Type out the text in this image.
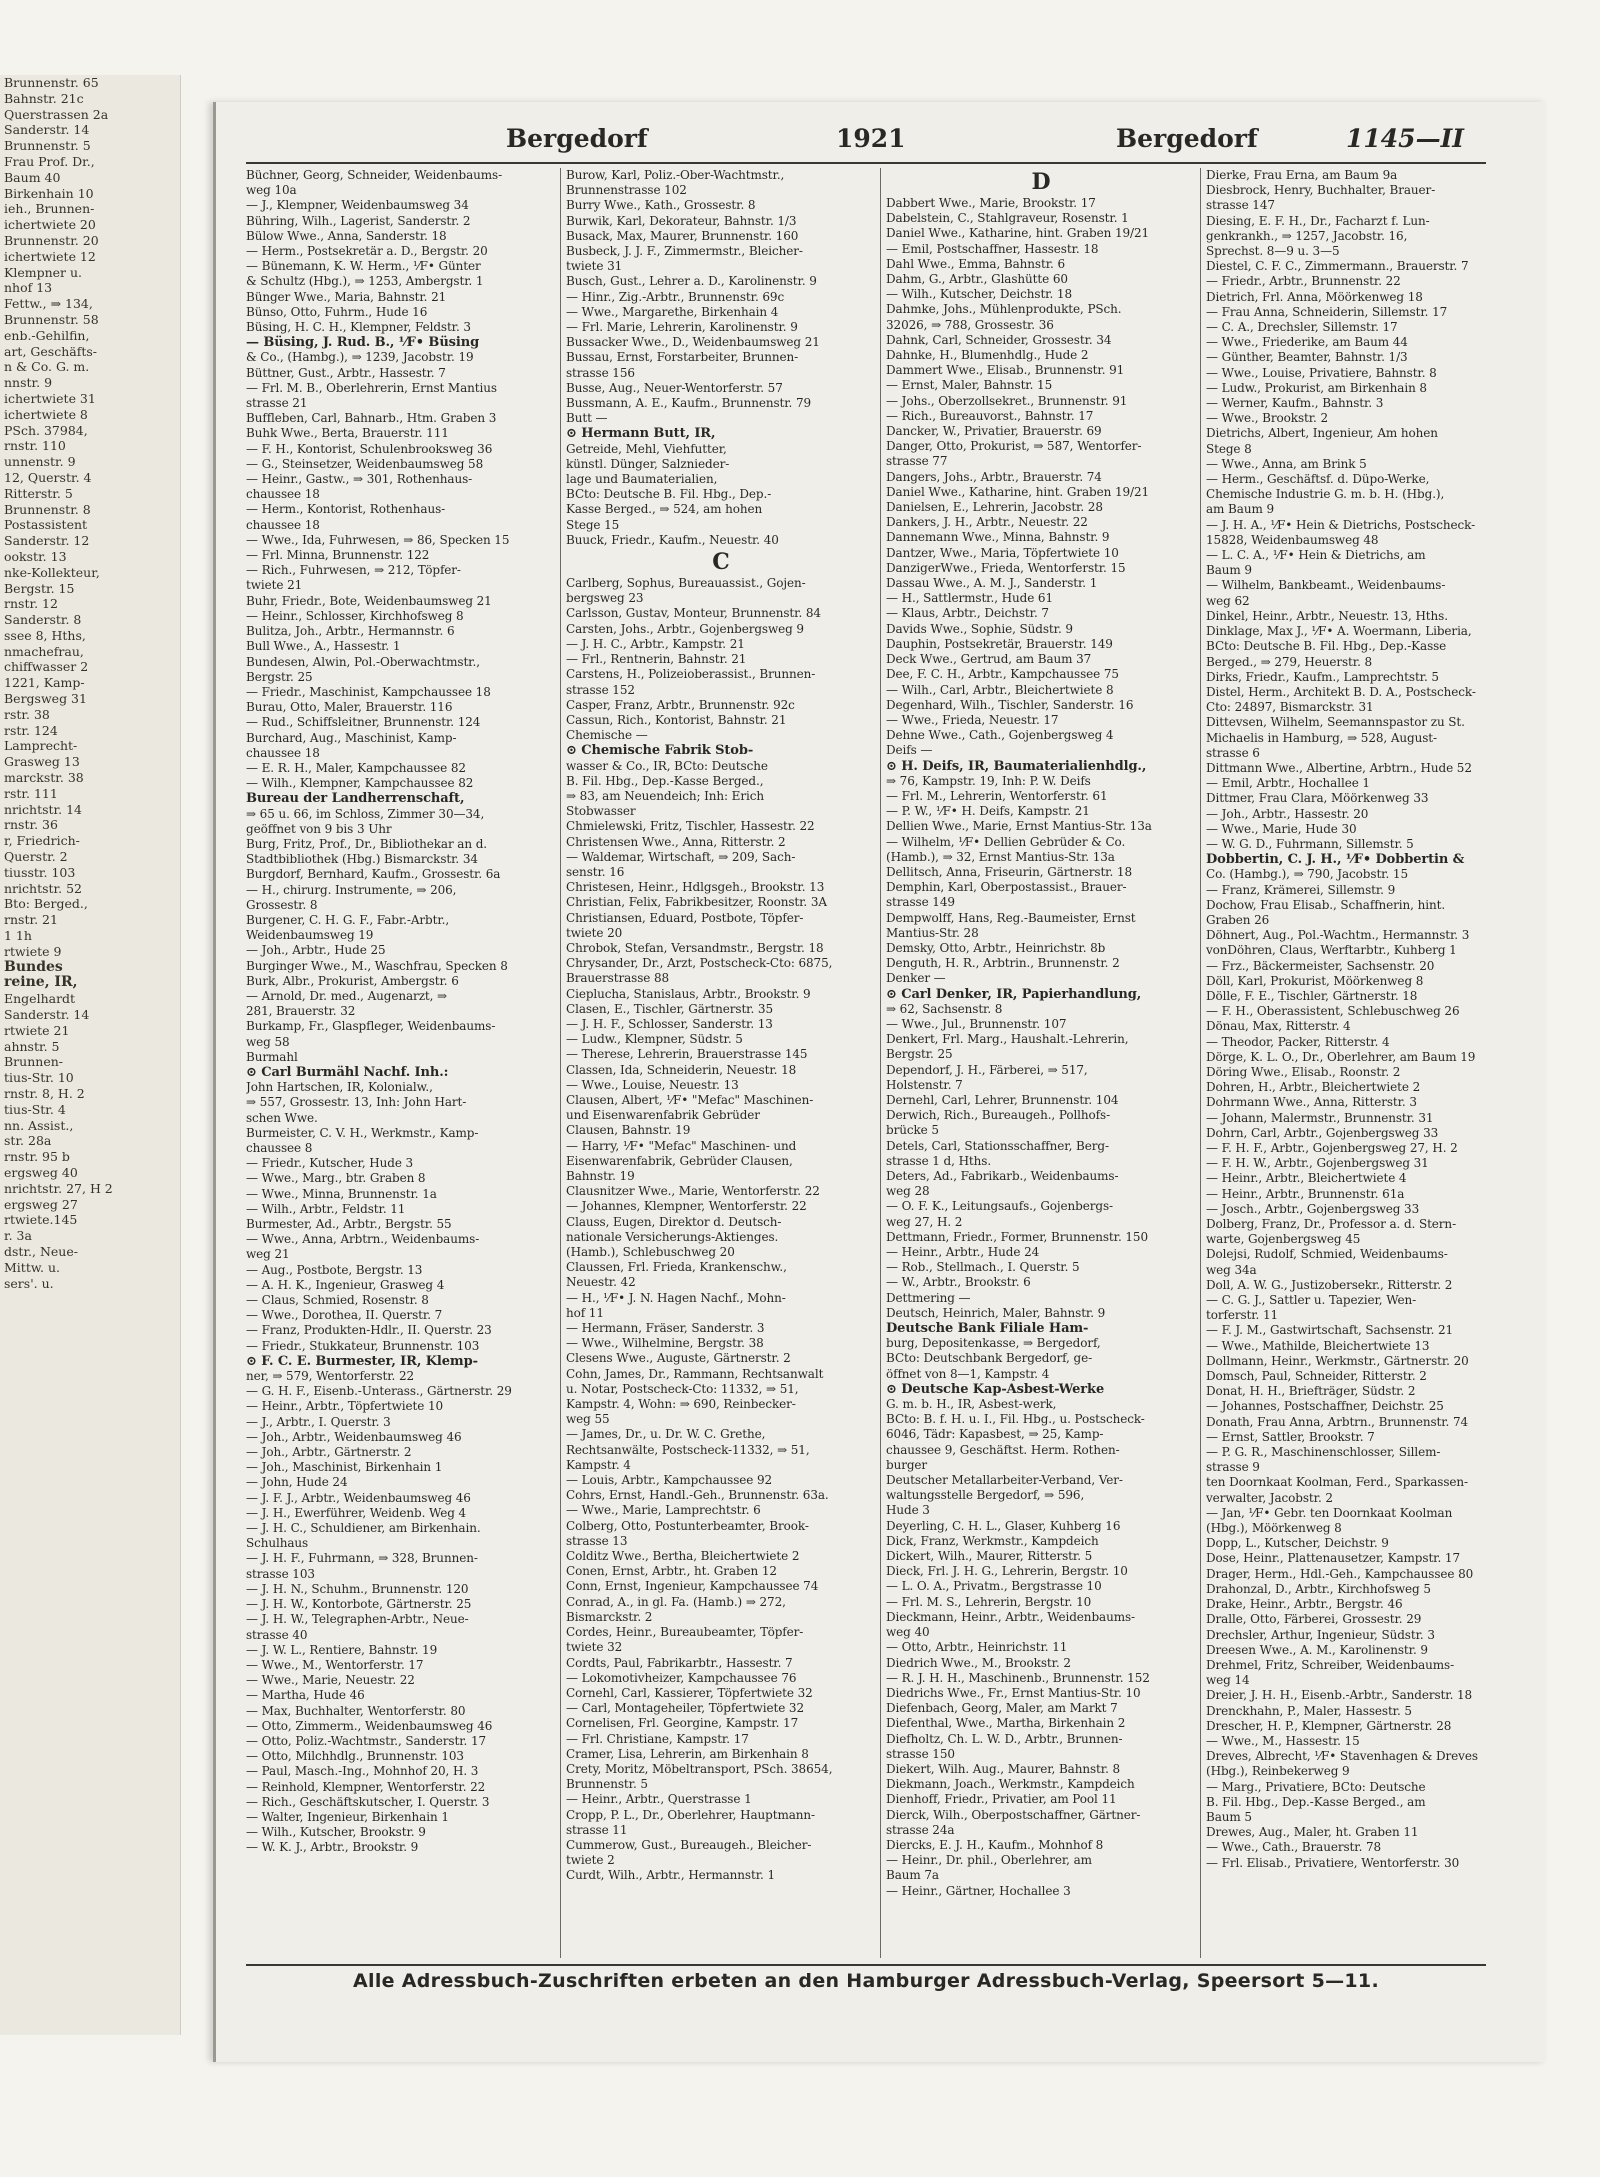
Brunnenstr. 65
Bahnstr. 21c
Querstrassen 2a
Sanderstr. 14
Brunnenstr. 5
Frau Prof. Dr.,
Baum 40
Birkenhain 10
ieh., Brunnen-
ichertwiete 20
Brunnenstr. 20
ichertwiete 12
Klempner u.
nhof 13
Fettw., ⇒ 134,
Brunnenstr. 58
enb.-Gehilfin,
art, Geschäfts-
n & Co. G. m.
nnstr. 9
ichertwiete 31
ichertwiete 8
PSch. 37984,
rnstr. 110
unnenstr. 9
12, Querstr. 4
Ritterstr. 5
Brunnenstr. 8
Postassistent
Sanderstr. 12
ookstr. 13
nke-Kollekteur,
Bergstr. 15
rnstr. 12
Sanderstr. 8
ssee 8, Hths,
nmachefrau,
chiffwasser 2
1221, Kamp-
Bergsweg 31
rstr. 38
rstr. 124
Lamprecht-
Grasweg 13
marckstr. 38
rstr. 111
nrichtstr. 14
rnstr. 36
r, Friedrich-
Querstr. 2
tiusstr. 103
nrichtstr. 52
Bto: Berged.,
rnstr. 21
1 1h
rtwiete 9
Bundes
reine, IR,
Engelhardt
Sanderstr. 14
rtwiete 21
ahnstr. 5
Brunnen-
tius-Str. 10
rnstr. 8, H. 2
tius-Str. 4
nn. Assist.,
str. 28a
rnstr. 95 b
ergsweg 40
nrichtstr. 27, H 2
ergsweg 27
rtwiete.145
r. 3a
dstr., Neue-
Mittw. u.
sers'. u.
Bergedorf	1921	Bergedorf	1145—II
Büchner, Georg, Schneider, Weidenbaums-
weg 10a
— J., Klempner, Weidenbaumsweg 34
Bühring, Wilh., Lagerist, Sanderstr. 2
Bülow Wwe., Anna, Sanderstr. 18
— Herm., Postsekretär a. D., Bergstr. 20
— Bünemann, K. W. Herm., ⅟F• Günter
& Schultz (Hbg.), ⇒ 1253, Ambergstr. 1
Bünger Wwe., Maria, Bahnstr. 21
Bünso, Otto, Fuhrm., Hude 16
Büsing, H. C. H., Klempner, Feldstr. 3
— Büsing, J. Rud. B., ⅟F• Büsing
& Co., (Hambg.), ⇒ 1239, Jacobstr. 19
Büttner, Gust., Arbtr., Hassestr. 7
— Frl. M. B., Oberlehrerin, Ernst Mantius
strasse 21
Buffleben, Carl, Bahnarb., Htm. Graben 3
Buhk Wwe., Berta, Brauerstr. 111
— F. H., Kontorist, Schulenbrooksweg 36
— G., Steinsetzer, Weidenbaumsweg 58
— Heinr., Gastw., ⇒ 301, Rothenhaus-
chaussee 18
— Herm., Kontorist, Rothenhaus-
chaussee 18
— Wwe., Ida, Fuhrwesen, ⇒ 86, Specken 15
— Frl. Minna, Brunnenstr. 122
— Rich., Fuhrwesen, ⇒ 212, Töpfer-
twiete 21
Buhr, Friedr., Bote, Weidenbaumsweg 21
— Heinr., Schlosser, Kirchhofsweg 8
Bulitza, Joh., Arbtr., Hermannstr. 6
Bull Wwe., A., Hassestr. 1
Bundesen, Alwin, Pol.-Oberwachtmstr.,
Bergstr. 25
— Friedr., Maschinist, Kampchaussee 18
Burau, Otto, Maler, Brauerstr. 116
— Rud., Schiffsleitner, Brunnenstr. 124
Burchard, Aug., Maschinist, Kamp-
chaussee 18
— E. R. H., Maler, Kampchaussee 82
— Wilh., Klempner, Kampchaussee 82
Bureau der Landherrenschaft,
⇒ 65 u. 66, im Schloss, Zimmer 30—34,
geöffnet von 9 bis 3 Uhr
Burg, Fritz, Prof., Dr., Bibliothekar an d.
Stadtbibliothek (Hbg.) Bismarckstr. 34
Burgdorf, Bernhard, Kaufm., Grossestr. 6a
— H., chirurg. Instrumente, ⇒ 206,
Grossestr. 8
Burgener, C. H. G. F., Fabr.-Arbtr.,
Weidenbaumsweg 19
— Joh., Arbtr., Hude 25
Burginger Wwe., M., Waschfrau, Specken 8
Burk, Albr., Prokurist, Ambergstr. 6
— Arnold, Dr. med., Augenarzt, ⇒
281, Brauerstr. 32
Burkamp, Fr., Glaspfleger, Weidenbaums-
weg 58
Burmahl
⊙ Carl Burmähl Nachf. Inh.:
John Hartschen, IR, Kolonialw.,
⇒ 557, Grossestr. 13, Inh: John Hart-
schen Wwe.
Burmeister, C. V. H., Werkmstr., Kamp-
chaussee 8
— Friedr., Kutscher, Hude 3
— Wwe., Marg., btr. Graben 8
— Wwe., Minna, Brunnenstr. 1a
— Wilh., Arbtr., Feldstr. 11
Burmester, Ad., Arbtr., Bergstr. 55
— Wwe., Anna, Arbtrn., Weidenbaums-
weg 21
— Aug., Postbote, Bergstr. 13
— A. H. K., Ingenieur, Grasweg 4
— Claus, Schmied, Rosenstr. 8
— Wwe., Dorothea, II. Querstr. 7
— Franz, Produkten-Hdlr., II. Querstr. 23
— Friedr., Stukkateur, Brunnenstr. 103
⊙ F. C. E. Burmester, IR, Klemp-
ner, ⇒ 579, Wentorferstr. 22
— G. H. F., Eisenb.-Unterass., Gärtnerstr. 29
— Heinr., Arbtr., Töpfertwiete 10
— J., Arbtr., I. Querstr. 3
— Joh., Arbtr., Weidenbaumsweg 46
— Joh., Arbtr., Gärtnerstr. 2
— Joh., Maschinist, Birkenhain 1
— John, Hude 24
— J. F. J., Arbtr., Weidenbaumsweg 46
— J. H., Ewerführer, Weidenb. Weg 4
— J. H. C., Schuldiener, am Birkenhain.
Schulhaus
— J. H. F., Fuhrmann, ⇒ 328, Brunnen-
strasse 103
— J. H. N., Schuhm., Brunnenstr. 120
— J. H. W., Kontorbote, Gärtnerstr. 25
— J. H. W., Telegraphen-Arbtr., Neue-
strasse 40
— J. W. L., Rentiere, Bahnstr. 19
— Wwe., M., Wentorferstr. 17
— Wwe., Marie, Neuestr. 22
— Martha, Hude 46
— Max, Buchhalter, Wentorferstr. 80
— Otto, Zimmerm., Weidenbaumsweg 46
— Otto, Poliz.-Wachtmstr., Sanderstr. 17
— Otto, Milchhdlg., Brunnenstr. 103
— Paul, Masch.-Ing., Mohnhof 20, H. 3
— Reinhold, Klempner, Wentorferstr. 22
— Rich., Geschäftskutscher, I. Querstr. 3
— Walter, Ingenieur, Birkenhain 1
— Wilh., Kutscher, Brookstr. 9
— W. K. J., Arbtr., Brookstr. 9
Burow, Karl, Poliz.-Ober-Wachtmstr.,
Brunnenstrasse 102
Burry Wwe., Kath., Grossestr. 8
Burwik, Karl, Dekorateur, Bahnstr. 1/3
Busack, Max, Maurer, Brunnenstr. 160
Busbeck, J. J. F., Zimmermstr., Bleicher-
twiete 31
Busch, Gust., Lehrer a. D., Karolinenstr. 9
— Hinr., Zig.-Arbtr., Brunnenstr. 69c
— Wwe., Margarethe, Birkenhain 4
— Frl. Marie, Lehrerin, Karolinenstr. 9
Bussacker Wwe., D., Weidenbaumsweg 21
Bussau, Ernst, Forstarbeiter, Brunnen-
strasse 156
Busse, Aug., Neuer-Wentorferstr. 57
Bussmann, A. E., Kaufm., Brunnenstr. 79
Butt —
⊙ Hermann Butt, IR,
Getreide, Mehl, Viehfutter,
künstl. Dünger, Salznieder-
lage und Baumaterialien,
BCto: Deutsche B. Fil. Hbg., Dep.-
Kasse Berged., ⇒ 524, am hohen
Stege 15
Buuck, Friedr., Kaufm., Neuestr. 40
C
Carlberg, Sophus, Bureauassist., Gojen-
bergsweg 23
Carlsson, Gustav, Monteur, Brunnenstr. 84
Carsten, Johs., Arbtr., Gojenbergsweg 9
— J. H. C., Arbtr., Kampstr. 21
— Frl., Rentnerin, Bahnstr. 21
Carstens, H., Polizeioberassist., Brunnen-
strasse 152
Casper, Franz, Arbtr., Brunnenstr. 92c
Cassun, Rich., Kontorist, Bahnstr. 21
Chemische —
⊙ Chemische Fabrik Stob-
wasser & Co., IR, BCto: Deutsche
B. Fil. Hbg., Dep.-Kasse Berged.,
⇒ 83, am Neuendeich; Inh: Erich
Stobwasser
Chmielewski, Fritz, Tischler, Hassestr. 22
Christensen Wwe., Anna, Ritterstr. 2
— Waldemar, Wirtschaft, ⇒ 209, Sach-
senstr. 16
Christesen, Heinr., Hdlgsgeh., Brookstr. 13
Christian, Felix, Fabrikbesitzer, Roonstr. 3A
Christiansen, Eduard, Postbote, Töpfer-
twiete 20
Chrobok, Stefan, Versandmstr., Bergstr. 18
Chrysander, Dr., Arzt, Postscheck-Cto: 6875,
Brauerstrasse 88
Cieplucha, Stanislaus, Arbtr., Brookstr. 9
Clasen, E., Tischler, Gärtnerstr. 35
— J. H. F., Schlosser, Sanderstr. 13
— Ludw., Klempner, Südstr. 5
— Therese, Lehrerin, Brauerstrasse 145
Classen, Ida, Schneiderin, Neuestr. 18
— Wwe., Louise, Neuestr. 13
Clausen, Albert, ⅟F• "Mefac" Maschinen-
und Eisenwarenfabrik Gebrüder
Clausen, Bahnstr. 19
— Harry, ⅟F• "Mefac" Maschinen- und
Eisenwarenfabrik, Gebrüder Clausen,
Bahnstr. 19
Clausnitzer Wwe., Marie, Wentorferstr. 22
— Johannes, Klempner, Wentorferstr. 22
Clauss, Eugen, Direktor d. Deutsch-
nationale Versicherungs-Aktienges.
(Hamb.), Schlebuschweg 20
Claussen, Frl. Frieda, Krankenschw.,
Neuestr. 42
— H., ⅟F• J. N. Hagen Nachf., Mohn-
hof 11
— Hermann, Fräser, Sanderstr. 3
— Wwe., Wilhelmine, Bergstr. 38
Clesens Wwe., Auguste, Gärtnerstr. 2
Cohn, James, Dr., Rammann, Rechtsanwalt
u. Notar, Postscheck-Cto: 11332, ⇒ 51,
Kampstr. 4, Wohn: ⇒ 690, Reinbecker-
weg 55
— James, Dr., u. Dr. W. C. Grethe,
Rechtsanwälte, Postscheck-11332, ⇒ 51,
Kampstr. 4
— Louis, Arbtr., Kampchaussee 92
Cohrs, Ernst, Handl.-Geh., Brunnenstr. 63a.
— Wwe., Marie, Lamprechtstr. 6
Colberg, Otto, Postunterbeamter, Brook-
strasse 13
Colditz Wwe., Bertha, Bleichertwiete 2
Conen, Ernst, Arbtr., ht. Graben 12
Conn, Ernst, Ingenieur, Kampchaussee 74
Conrad, A., in gl. Fa. (Hamb.) ⇒ 272,
Bismarckstr. 2
Cordes, Heinr., Bureaubeamter, Töpfer-
twiete 32
Cordts, Paul, Fabrikarbtr., Hassestr. 7
— Lokomotivheizer, Kampchaussee 76
Cornehl, Carl, Kassierer, Töpfertwiete 32
— Carl, Montageheiler, Töpfertwiete 32
Cornelisen, Frl. Georgine, Kampstr. 17
— Frl. Christiane, Kampstr. 17
Cramer, Lisa, Lehrerin, am Birkenhain 8
Crety, Moritz, Möbeltransport, PSch. 38654,
Brunnenstr. 5
— Heinr., Arbtr., Querstrasse 1
Cropp, P. L., Dr., Oberlehrer, Hauptmann-
strasse 11
Cummerow, Gust., Bureaugeh., Bleicher-
twiete 2
Curdt, Wilh., Arbtr., Hermannstr. 1
D
Dabbert Wwe., Marie, Brookstr. 17
Dabelstein, C., Stahlgraveur, Rosenstr. 1
Daniel Wwe., Katharine, hint. Graben 19/21
— Emil, Postschaffner, Hassestr. 18
Dahl Wwe., Emma, Bahnstr. 6
Dahm, G., Arbtr., Glashütte 60
— Wilh., Kutscher, Deichstr. 18
Dahmke, Johs., Mühlenprodukte, PSch.
32026, ⇒ 788, Grossestr. 36
Dahnk, Carl, Schneider, Grossestr. 34
Dahnke, H., Blumenhdlg., Hude 2
Dammert Wwe., Elisab., Brunnenstr. 91
— Ernst, Maler, Bahnstr. 15
— Johs., Oberzollsekret., Brunnenstr. 91
— Rich., Bureauvorst., Bahnstr. 17
Dancker, W., Privatier, Brauerstr. 69
Danger, Otto, Prokurist, ⇒ 587, Wentorfer-
strasse 77
Dangers, Johs., Arbtr., Brauerstr. 74
Daniel Wwe., Katharine, hint. Graben 19/21
Danielsen, E., Lehrerin, Jacobstr. 28
Dankers, J. H., Arbtr., Neuestr. 22
Dannemann Wwe., Minna, Bahnstr. 9
Dantzer, Wwe., Maria, Töpfertwiete 10
DanzigerWwe., Frieda, Wentorferstr. 15
Dassau Wwe., A. M. J., Sanderstr. 1
— H., Sattlermstr., Hude 61
— Klaus, Arbtr., Deichstr. 7
Davids Wwe., Sophie, Südstr. 9
Dauphin, Postsekretär, Brauerstr. 149
Deck Wwe., Gertrud, am Baum 37
Dee, F. C. H., Arbtr., Kampchaussee 75
— Wilh., Carl, Arbtr., Bleichertwiete 8
Degenhard, Wilh., Tischler, Sanderstr. 16
— Wwe., Frieda, Neuestr. 17
Dehne Wwe., Cath., Gojenbergsweg 4
Deifs —
⊙ H. Deifs, IR, Baumaterialienhdlg.,
⇒ 76, Kampstr. 19, Inh: P. W. Deifs
— Frl. M., Lehrerin, Wentorferstr. 61
— P. W., ⅟F• H. Deifs, Kampstr. 21
Dellien Wwe., Marie, Ernst Mantius-Str. 13a
— Wilhelm, ⅟F• Dellien Gebrüder & Co.
(Hamb.), ⇒ 32, Ernst Mantius-Str. 13a
Dellitsch, Anna, Friseurin, Gärtnerstr. 18
Demphin, Karl, Oberpostassist., Brauer-
strasse 149
Dempwolff, Hans, Reg.-Baumeister, Ernst
Mantius-Str. 28
Demsky, Otto, Arbtr., Heinrichstr. 8b
Denguth, H. R., Arbtrin., Brunnenstr. 2
Denker —
⊙ Carl Denker, IR, Papierhandlung,
⇒ 62, Sachsenstr. 8
— Wwe., Jul., Brunnenstr. 107
Denkert, Frl. Marg., Haushalt.-Lehrerin,
Bergstr. 25
Dependorf, J. H., Färberei, ⇒ 517,
Holstenstr. 7
Dernehl, Carl, Lehrer, Brunnenstr. 104
Derwich, Rich., Bureaugeh., Pollhofs-
brücke 5
Detels, Carl, Stationsschaffner, Berg-
strasse 1 d, Hths.
Deters, Ad., Fabrikarb., Weidenbaums-
weg 28
— O. F. K., Leitungsaufs., Gojenbergs-
weg 27, H. 2
Dettmann, Friedr., Former, Brunnenstr. 150
— Heinr., Arbtr., Hude 24
— Rob., Stellmach., I. Querstr. 5
— W., Arbtr., Brookstr. 6
Dettmering —
Deutsch, Heinrich, Maler, Bahnstr. 9
Deutsche Bank Filiale Ham-
burg, Depositenkasse, ⇒ Bergedorf,
BCto: Deutschbank Bergedorf, ge-
öffnet von 8—1, Kampstr. 4
⊙ Deutsche Kap-Asbest-Werke
G. m. b. H., IR, Asbest-werk,
BCto: B. f. H. u. I., Fil. Hbg., u. Postscheck-
6046, Tädr: Kapasbest, ⇒ 25, Kamp-
chaussee 9, Geschäftst. Herm. Rothen-
burger
Deutscher Metallarbeiter-Verband, Ver-
waltungsstelle Bergedorf, ⇒ 596,
Hude 3
Deyerling, C. H. L., Glaser, Kuhberg 16
Dick, Franz, Werkmstr., Kampdeich
Dickert, Wilh., Maurer, Ritterstr. 5
Dieck, Frl. J. H. G., Lehrerin, Bergstr. 10
— L. O. A., Privatm., Bergstrasse 10
— Frl. M. S., Lehrerin, Bergstr. 10
Dieckmann, Heinr., Arbtr., Weidenbaums-
weg 40
— Otto, Arbtr., Heinrichstr. 11
Diedrich Wwe., M., Brookstr. 2
— R. J. H. H., Maschinenb., Brunnenstr. 152
Diedrichs Wwe., Fr., Ernst Mantius-Str. 10
Diefenbach, Georg, Maler, am Markt 7
Diefenthal, Wwe., Martha, Birkenhain 2
Diefholtz, Ch. L. W. D., Arbtr., Brunnen-
strasse 150
Diekert, Wilh. Aug., Maurer, Bahnstr. 8
Diekmann, Joach., Werkmstr., Kampdeich
Dienhoff, Friedr., Privatier, am Pool 11
Dierck, Wilh., Oberpostschaffner, Gärtner-
strasse 24a
Diercks, E. J. H., Kaufm., Mohnhof 8
— Heinr., Dr. phil., Oberlehrer, am
Baum 7a
— Heinr., Gärtner, Hochallee 3
Dierke, Frau Erna, am Baum 9a
Diesbrock, Henry, Buchhalter, Brauer-
strasse 147
Diesing, E. F. H., Dr., Facharzt f. Lun-
genkrankh., ⇒ 1257, Jacobstr. 16,
Sprechst. 8—9 u. 3—5
Diestel, C. F. C., Zimmermann., Brauerstr. 7
— Friedr., Arbtr., Brunnenstr. 22
Dietrich, Frl. Anna, Möörkenweg 18
— Frau Anna, Schneiderin, Sillemstr. 17
— C. A., Drechsler, Sillemstr. 17
— Wwe., Friederike, am Baum 44
— Günther, Beamter, Bahnstr. 1/3
— Wwe., Louise, Privatiere, Bahnstr. 8
— Ludw., Prokurist, am Birkenhain 8
— Werner, Kaufm., Bahnstr. 3
— Wwe., Brookstr. 2
Dietrichs, Albert, Ingenieur, Am hohen
Stege 8
— Wwe., Anna, am Brink 5
— Herm., Geschäftsf. d. Düpo-Werke,
Chemische Industrie G. m. b. H. (Hbg.),
am Baum 9
— J. H. A., ⅟F• Hein & Dietrichs, Postscheck-
15828, Weidenbaumsweg 48
— L. C. A., ⅟F• Hein & Dietrichs, am
Baum 9
— Wilhelm, Bankbeamt., Weidenbaums-
weg 62
Dinkel, Heinr., Arbtr., Neuestr. 13, Hths.
Dinklage, Max J., ⅟F• A. Woermann, Liberia,
BCto: Deutsche B. Fil. Hbg., Dep.-Kasse
Berged., ⇒ 279, Heuerstr. 8
Dirks, Friedr., Kaufm., Lamprechtstr. 5
Distel, Herm., Architekt B. D. A., Postscheck-
Cto: 24897, Bismarckstr. 31
Dittevsen, Wilhelm, Seemannspastor zu St.
Michaelis in Hamburg, ⇒ 528, August-
strasse 6
Dittmann Wwe., Albertine, Arbtrn., Hude 52
— Emil, Arbtr., Hochallee 1
Dittmer, Frau Clara, Möörkenweg 33
— Joh., Arbtr., Hassestr. 20
— Wwe., Marie, Hude 30
— W. G. D., Fuhrmann, Sillemstr. 5
Dobbertin, C. J. H., ⅟F• Dobbertin &
Co. (Hambg.), ⇒ 790, Jacobstr. 15
— Franz, Krämerei, Sillemstr. 9
Dochow, Frau Elisab., Schaffnerin, hint.
Graben 26
Döhnert, Aug., Pol.-Wachtm., Hermannstr. 3
vonDöhren, Claus, Werftarbtr., Kuhberg 1
— Frz., Bäckermeister, Sachsenstr. 20
Döll, Karl, Prokurist, Möörkenweg 8
Dölle, F. E., Tischler, Gärtnerstr. 18
— F. H., Oberassistent, Schlebuschweg 26
Dönau, Max, Ritterstr. 4
— Theodor, Packer, Ritterstr. 4
Dörge, K. L. O., Dr., Oberlehrer, am Baum 19
Döring Wwe., Elisab., Roonstr. 2
Dohren, H., Arbtr., Bleichertwiete 2
Dohrmann Wwe., Anna, Ritterstr. 3
— Johann, Malermstr., Brunnenstr. 31
Dohrn, Carl, Arbtr., Gojenbergsweg 33
— F. H. F., Arbtr., Gojenbergsweg 27, H. 2
— F. H. W., Arbtr., Gojenbergsweg 31
— Heinr., Arbtr., Bleichertwiete 4
— Heinr., Arbtr., Brunnenstr. 61a
— Josch., Arbtr., Gojenbergsweg 33
Dolberg, Franz, Dr., Professor a. d. Stern-
warte, Gojenbergsweg 45
Dolejsi, Rudolf, Schmied, Weidenbaums-
weg 34a
Doll, A. W. G., Justizobersekr., Ritterstr. 2
— C. G. J., Sattler u. Tapezier, Wen-
torferstr. 11
— F. J. M., Gastwirtschaft, Sachsenstr. 21
— Wwe., Mathilde, Bleichertwiete 13
Dollmann, Heinr., Werkmstr., Gärtnerstr. 20
Domsch, Paul, Schneider, Ritterstr. 2
Donat, H. H., Briefträger, Südstr. 2
— Johannes, Postschaffner, Deichstr. 25
Donath, Frau Anna, Arbtrn., Brunnenstr. 74
— Ernst, Sattler, Brookstr. 7
— P. G. R., Maschinenschlosser, Sillem-
strasse 9
ten Doornkaat Koolman, Ferd., Sparkassen-
verwalter, Jacobstr. 2
— Jan, ⅟F• Gebr. ten Doornkaat Koolman
(Hbg.), Möörkenweg 8
Dopp, L., Kutscher, Deichstr. 9
Dose, Heinr., Plattenausetzer, Kampstr. 17
Drager, Herm., Hdl.-Geh., Kampchaussee 80
Drahonzal, D., Arbtr., Kirchhofsweg 5
Drake, Heinr., Arbtr., Bergstr. 46
Dralle, Otto, Färberei, Grossestr. 29
Drechsler, Arthur, Ingenieur, Südstr. 3
Dreesen Wwe., A. M., Karolinenstr. 9
Drehmel, Fritz, Schreiber, Weidenbaums-
weg 14
Dreier, J. H. H., Eisenb.-Arbtr., Sanderstr. 18
Drenckhahn, P., Maler, Hassestr. 5
Drescher, H. P., Klempner, Gärtnerstr. 28
— Wwe., M., Hassestr. 15
Dreves, Albrecht, ⅟F• Stavenhagen & Dreves
(Hbg.), Reinbekerweg 9
— Marg., Privatiere, BCto: Deutsche
B. Fil. Hbg., Dep.-Kasse Berged., am
Baum 5
Drewes, Aug., Maler, ht. Graben 11
— Wwe., Cath., Brauerstr. 78
— Frl. Elisab., Privatiere, Wentorferstr. 30
Alle Adressbuch-Zuschriften erbeten an den Hamburger Adressbuch-Verlag, Speersort 5—11.
